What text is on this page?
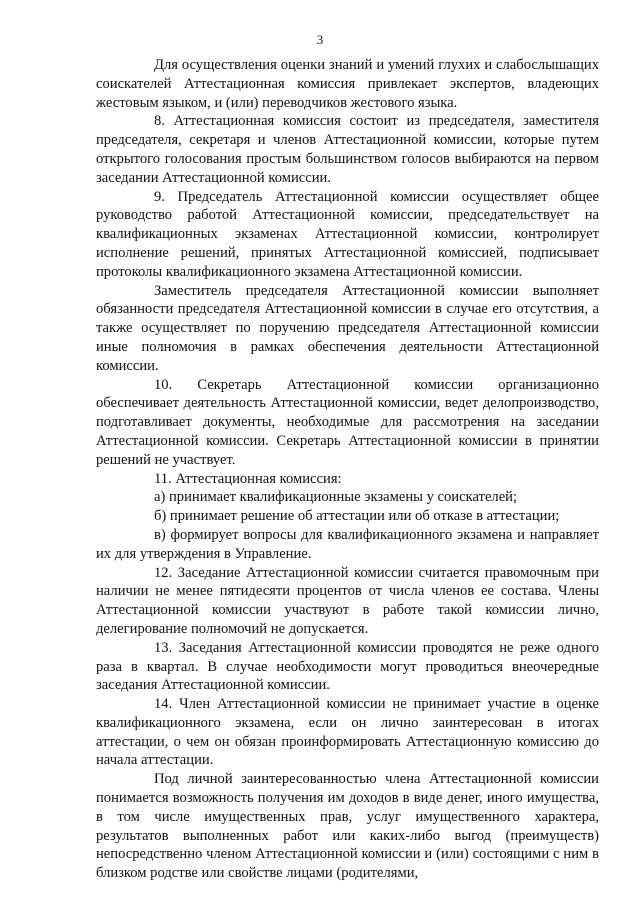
3

Для осуществления оценки знаний и умений глухих и слабослышащих соискателей Аттестационная комиссия привлекает экспертов, владеющих жестовым языком, и (или) переводчиков жестового языка.

8. Аттестационная комиссия состоит из председателя, заместителя председателя, секретаря и членов Аттестационной комиссии, которые путем открытого голосования простым большинством голосов выбираются на первом заседании Аттестационной комиссии.

9. Председатель Аттестационной комиссии осуществляет общее руководство работой Аттестационной комиссии, председательствует на квалификационных экзаменах Аттестационной комиссии, контролирует исполнение решений, принятых Аттестационной комиссией, подписывает протоколы квалификационного экзамена Аттестационной комиссии.

Заместитель председателя Аттестационной комиссии выполняет обязанности председателя Аттестационной комиссии в случае его отсутствия, а также осуществляет по поручению председателя Аттестационной комиссии иные полномочия в рамках обеспечения деятельности Аттестационной комиссии.

10. Секретарь Аттестационной комиссии организационно обеспечивает деятельность Аттестационной комиссии, ведет делопроизводство, подготавливает документы, необходимые для рассмотрения на заседании Аттестационной комиссии. Секретарь Аттестационной комиссии в принятии решений не участвует.

11. Аттестационная комиссия:

а) принимает квалификационные экзамены у соискателей;

б) принимает решение об аттестации или об отказе в аттестации;

в) формирует вопросы для квалификационного экзамена и направляет их для утверждения в Управление.

12. Заседание Аттестационной комиссии считается правомочным при наличии не менее пятидесяти процентов от числа членов ее состава. Члены Аттестационной комиссии участвуют в работе такой комиссии лично, делегирование полномочий не допускается.

13. Заседания Аттестационной комиссии проводятся не реже одного раза в квартал. В случае необходимости могут проводиться внеочередные заседания Аттестационной комиссии.

14. Член Аттестационной комиссии не принимает участие в оценке квалификационного экзамена, если он лично заинтересован в итогах аттестации, о чем он обязан проинформировать Аттестационную комиссию до начала аттестации.

Под личной заинтересованностью члена Аттестационной комиссии понимается возможность получения им доходов в виде денег, иного имущества, в том числе имущественных прав, услуг имущественного характера, результатов выполненных работ или каких-либо выгод (преимуществ) непосредственно членом Аттестационной комиссии и (или) состоящими с ним в близком родстве или свойстве лицами (родителями,
